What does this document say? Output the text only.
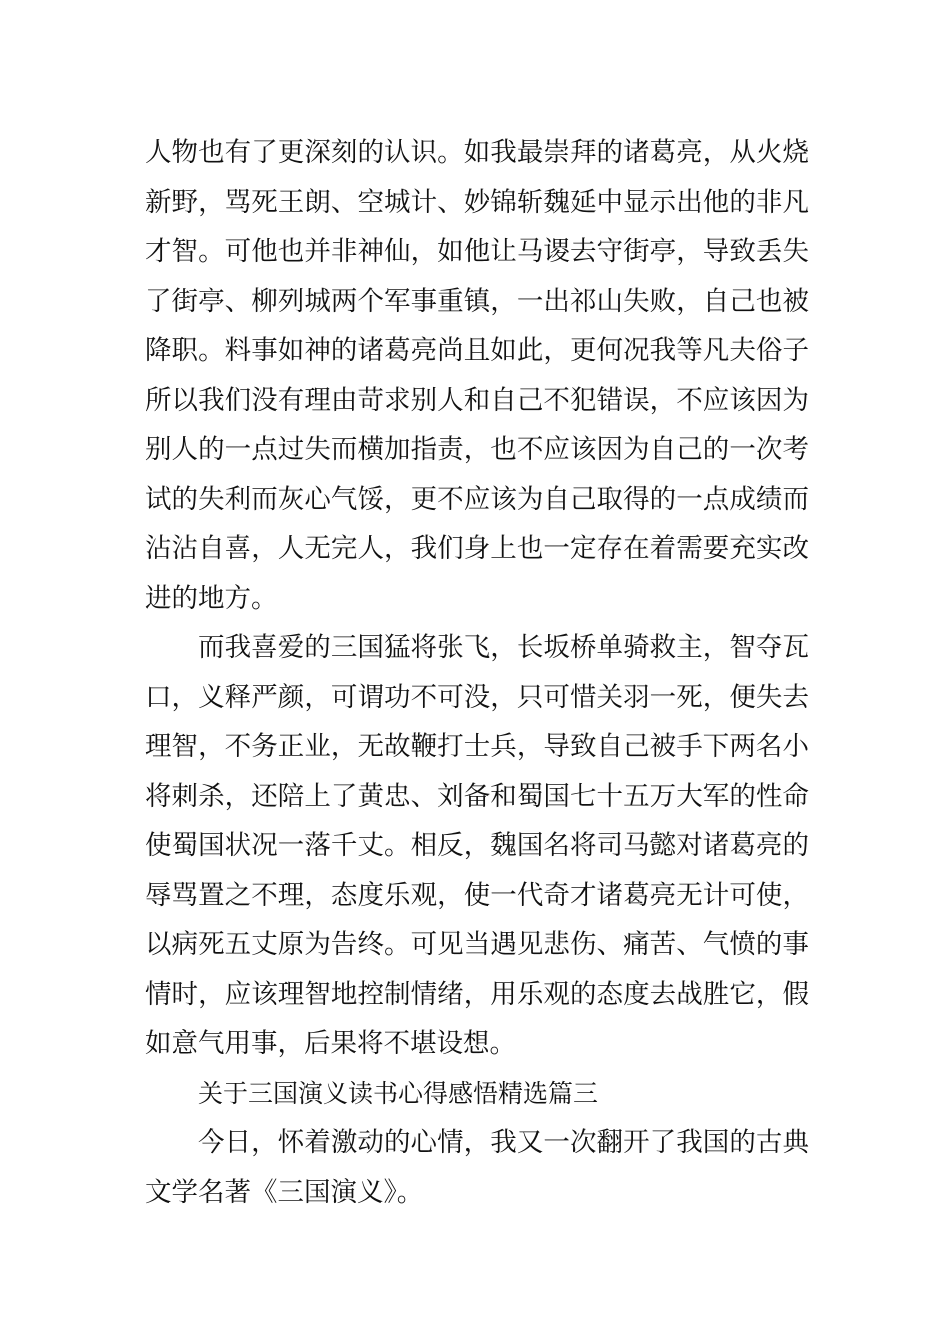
人物也有了更深刻的认识。如我最崇拜的诸葛亮，从火烧
新野，骂死王朗、空城计、妙锦斩魏延中显示出他的非凡
才智。可他也并非神仙，如他让马谡去守街亭，导致丢失
了街亭、柳列城两个军事重镇，一出祁山失败，自己也被
降职。料事如神的诸葛亮尚且如此，更何况我等凡夫俗子
所以我们没有理由苛求别人和自己不犯错误，不应该因为
别人的一点过失而横加指责，也不应该因为自己的一次考
试的失利而灰心气馁，更不应该为自己取得的一点成绩而
沾沾自喜，人无完人，我们身上也一定存在着需要充实改
进的地方。
而我喜爱的三国猛将张飞，长坂桥单骑救主，智夺瓦
口，义释严颜，可谓功不可没，只可惜关羽一死，便失去
理智，不务正业，无故鞭打士兵，导致自己被手下两名小
将刺杀，还陪上了黄忠、刘备和蜀国七十五万大军的性命
使蜀国状况一落千丈。相反，魏国名将司马懿对诸葛亮的
辱骂置之不理，态度乐观，使一代奇才诸葛亮无计可使，
以病死五丈原为告终。可见当遇见悲伤、痛苦、气愤的事
情时，应该理智地控制情绪，用乐观的态度去战胜它，假
如意气用事，后果将不堪设想。
关于三国演义读书心得感悟精选篇三
今日，怀着激动的心情，我又一次翻开了我国的古典
文学名著《三国演义》。
